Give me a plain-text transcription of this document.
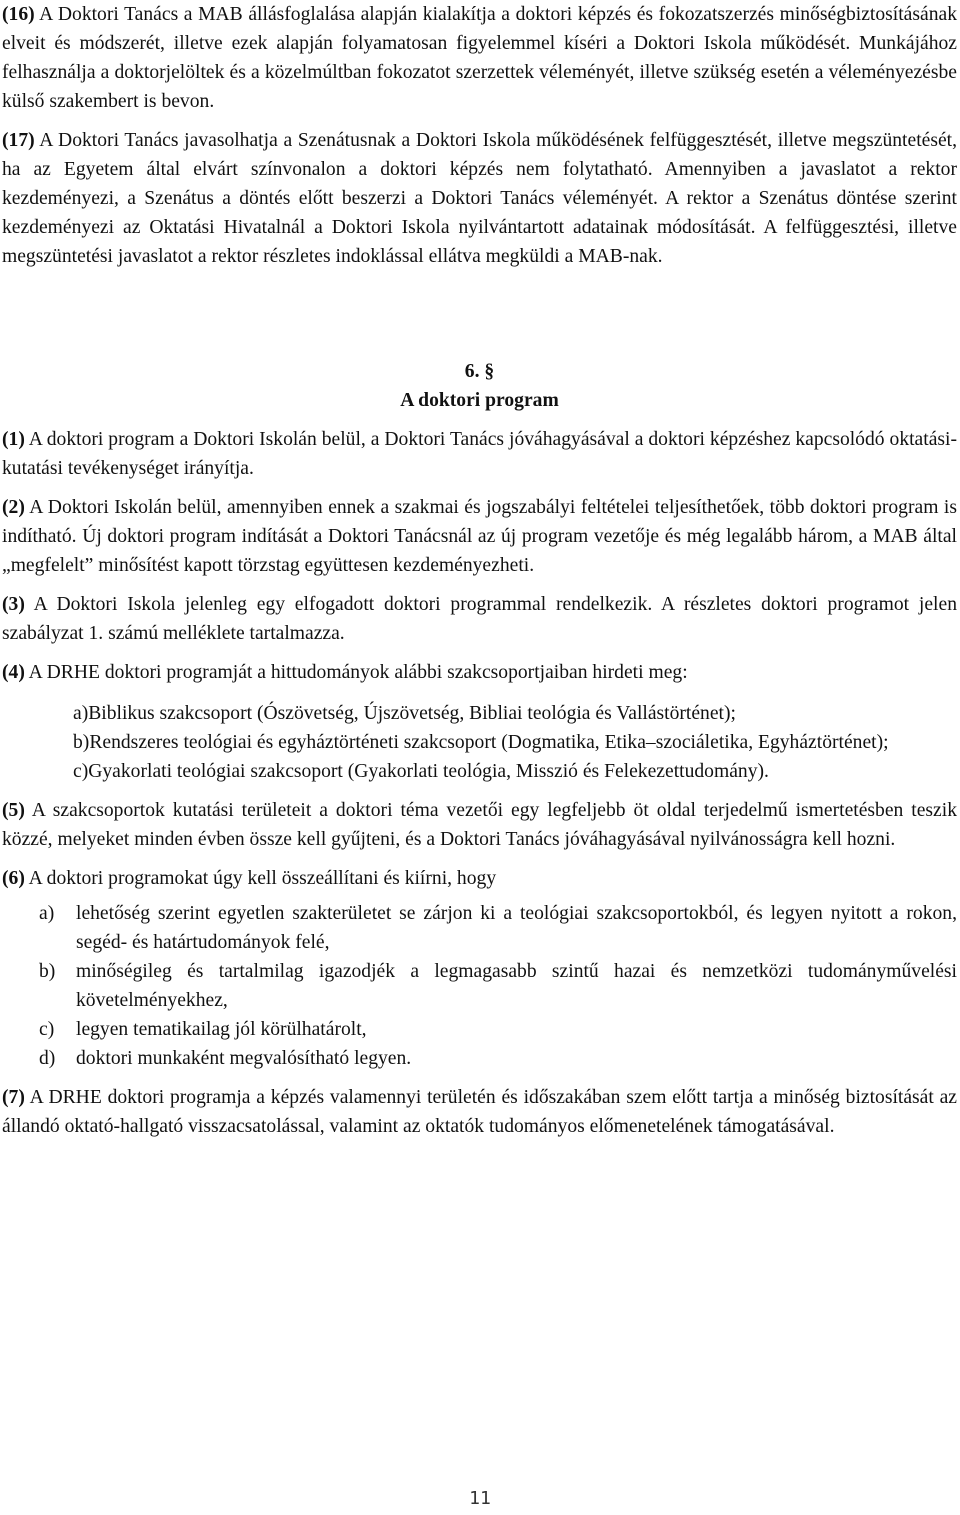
(16) A Doktori Tanács a MAB állásfoglalása alapján kialakítja a doktori képzés és fokozatszerzés minőségbiztosításának elveit és módszerét, illetve ezek alapján folyamatosan figyelemmel kíséri a Doktori Iskola működését. Munkájához felhasználja a doktorjelöltek és a közelmúltban fokozatot szerzettek véleményét, illetve szükség esetén a véleményezésbe külső szakembert is bevon.

(17) A Doktori Tanács javasolhatja a Szenátusnak a Doktori Iskola működésének felfüggesztését, illetve megszüntetését, ha az Egyetem által elvárt színvonalon a doktori képzés nem folytatható. Amennyiben a javaslatot a rektor kezdeményezi, a Szenátus a döntés előtt beszerzi a Doktori Tanács véleményét. A rektor a Szenátus döntése szerint kezdeményezi az Oktatási Hivatalnál a Doktori Iskola nyilvántartott adatainak módosítását. A felfüggesztési, illetve megszüntetési javaslatot a rektor részletes indoklással ellátva megküldi a MAB-nak.

6. §

A doktori program

(1) A doktori program a Doktori Iskolán belül, a Doktori Tanács jóváhagyásával a doktori képzéshez kapcsolódó oktatási-kutatási tevékenységet irányítja.

(2) A Doktori Iskolán belül, amennyiben ennek a szakmai és jogszabályi feltételei teljesíthetőek, több doktori program is indítható. Új doktori program indítását a Doktori Tanácsnál az új program vezetője és még legalább három, a MAB által „megfelelt” minősítést kapott törzstag együttesen kezdeményezheti.

(3) A Doktori Iskola jelenleg egy elfogadott doktori programmal rendelkezik. A részletes doktori programot jelen szabályzat 1. számú melléklete tartalmazza.

(4) A DRHE doktori programját a hittudományok alábbi szakcsoportjaiban hirdeti meg:

a) Biblikus szakcsoport (Ószövetség, Újszövetség, Bibliai teológia és Vallástörténet);
b) Rendszeres teológiai és egyháztörténeti szakcsoport (Dogmatika, Etika–szociáletika, Egyháztörténet);
c) Gyakorlati teológiai szakcsoport (Gyakorlati teológia, Misszió és Felekezettudomány).

(5) A szakcsoportok kutatási területeit a doktori téma vezetői egy legfeljebb öt oldal terjedelmű ismertetésben teszik közzé, melyeket minden évben össze kell gyűjteni, és a Doktori Tanács jóváhagyásával nyilvánosságra kell hozni.

(6) A doktori programokat úgy kell összeállítani és kiírni, hogy

a)	lehetőség szerint egyetlen szakterületet se zárjon ki a teológiai szakcsoportokból, és legyen nyitott a rokon, segéd- és határtudományok felé,
b)	minőségileg és tartalmilag igazodjék a legmagasabb szintű hazai és nemzetközi tudományművelési követelményekhez,
c)	legyen tematikailag jól körülhatárolt,
d)	doktori munkaként megvalósítható legyen.

(7) A DRHE doktori programja a képzés valamennyi területén és időszakában szem előtt tartja a minőség biztosítását az állandó oktató-hallgató visszacsatolással, valamint az oktatók tudományos előmenetelének támogatásával.

11
